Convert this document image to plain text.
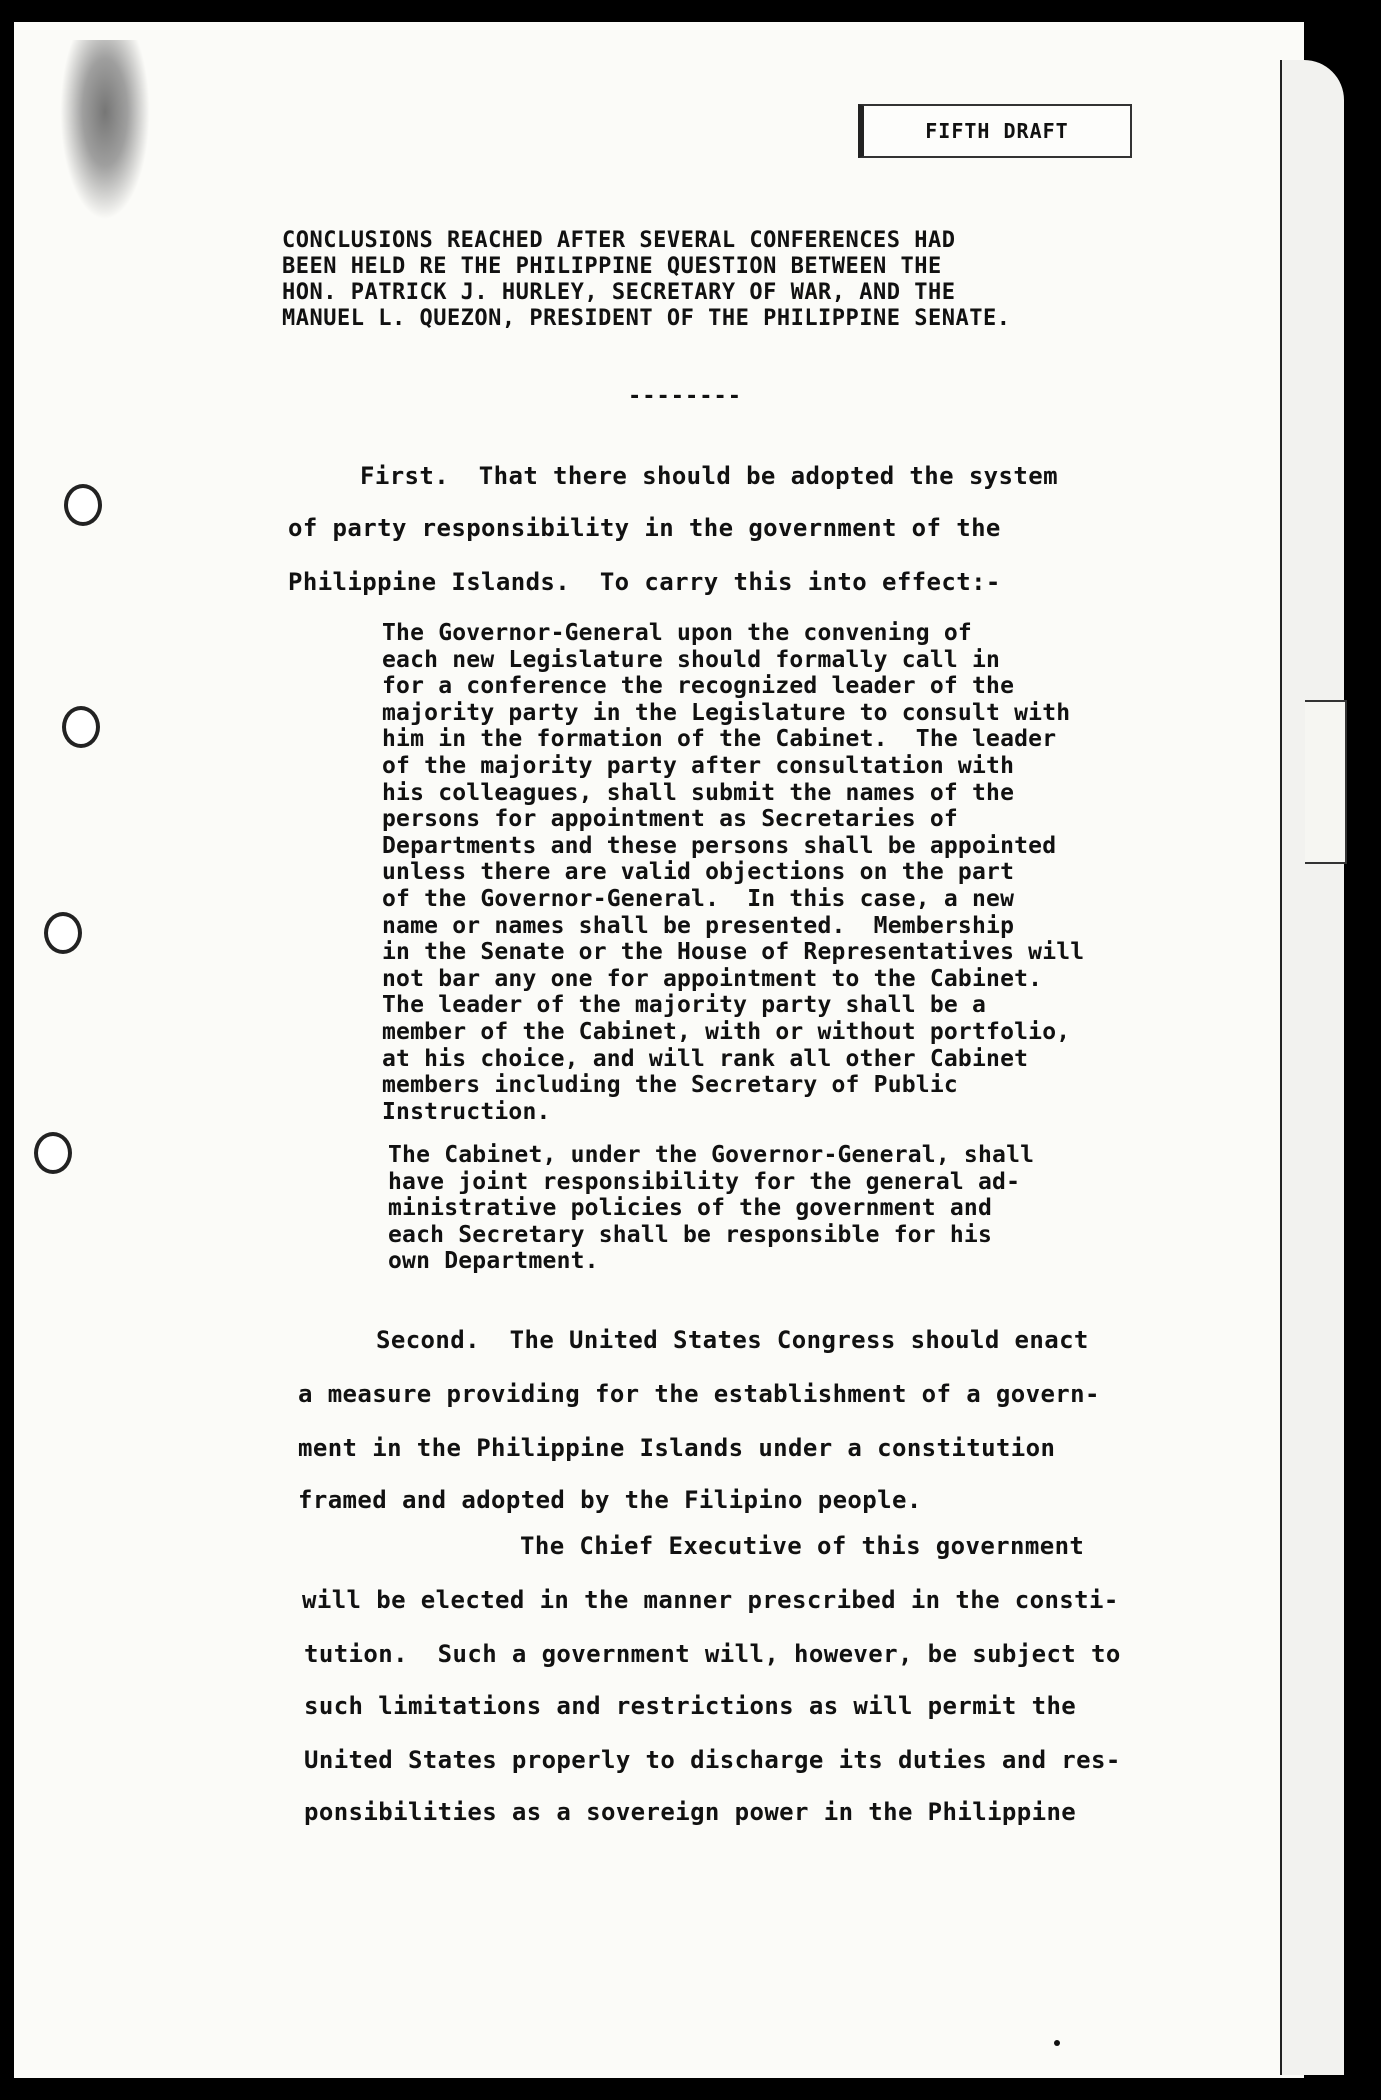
FIFTH DRAFT
CONCLUSIONS REACHED AFTER SEVERAL CONFERENCES HAD
BEEN HELD RE THE PHILIPPINE QUESTION BETWEEN THE
HON. PATRICK J. HURLEY, SECRETARY OF WAR, AND THE
MANUEL L. QUEZON, PRESIDENT OF THE PHILIPPINE SENATE.
--------
First.  That there should be adopted the system
of party responsibility in the government of the
Philippine Islands.  To carry this into effect:-
The Governor-General upon the convening of
each new Legislature should formally call in
for a conference the recognized leader of the
majority party in the Legislature to consult with
him in the formation of the Cabinet.  The leader
of the majority party after consultation with
his colleagues, shall submit the names of the
persons for appointment as Secretaries of
Departments and these persons shall be appointed
unless there are valid objections on the part
of the Governor-General.  In this case, a new
name or names shall be presented.  Membership
in the Senate or the House of Representatives will
not bar any one for appointment to the Cabinet.
The leader of the majority party shall be a
member of the Cabinet, with or without portfolio,
at his choice, and will rank all other Cabinet
members including the Secretary of Public
Instruction.
The Cabinet, under the Governor-General, shall
have joint responsibility for the general ad-
ministrative policies of the government and
each Secretary shall be responsible for his
own Department.
Second.  The United States Congress should enact
a measure providing for the establishment of a govern-
ment in the Philippine Islands under a constitution
framed and adopted by the Filipino people.
The Chief Executive of this government
will be elected in the manner prescribed in the consti-
tution.  Such a government will, however, be subject to
such limitations and restrictions as will permit the
United States properly to discharge its duties and res-
ponsibilities as a sovereign power in the Philippine
